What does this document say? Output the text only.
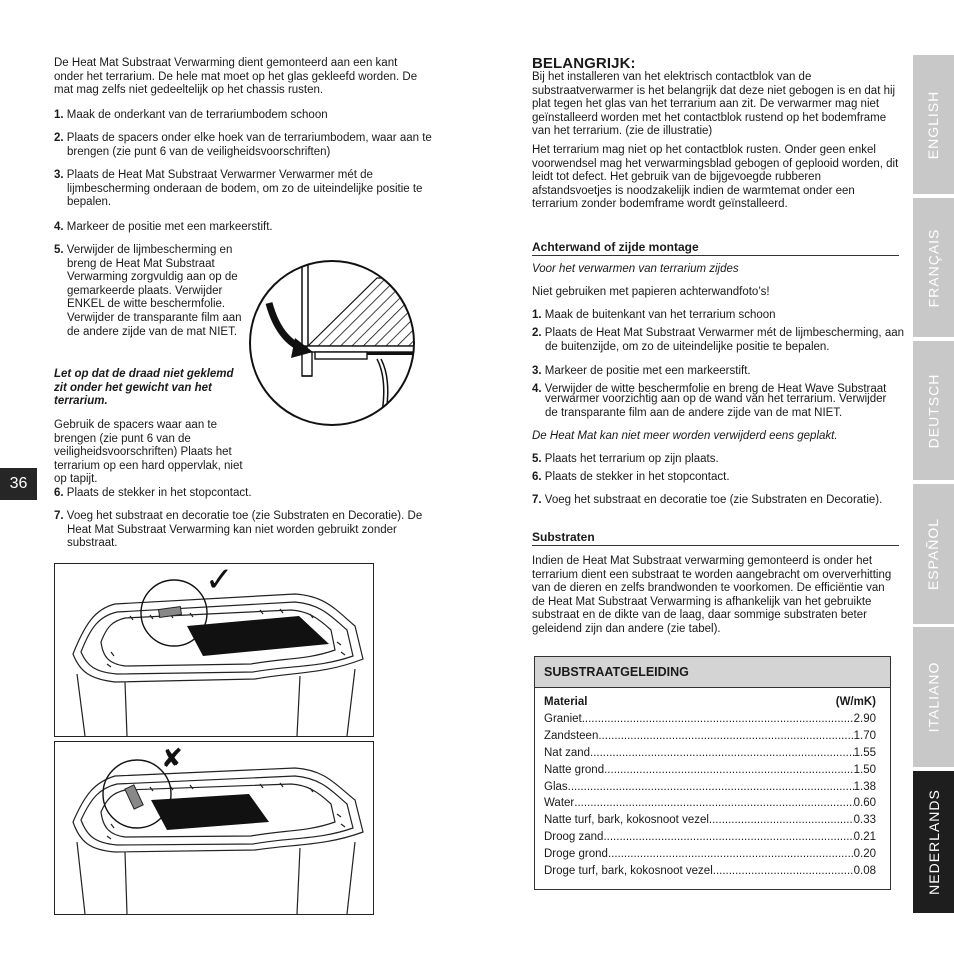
De Heat Mat Substraat Verwarming dient gemonteerd aan een kant onder het terrarium. De hele mat moet op het glas gekleefd worden. De mat mag zelfs niet gedeeltelijk op het chassis rusten.
1. Maak de onderkant van de terrariumbodem schoon
2. Plaats de spacers onder elke hoek van de terrariumbodem, waar aan te brengen (zie punt 6 van de veiligheidsvoorschriften)
3. Plaats de Heat Mat Substraat Verwarmer Verwarmer mét de lijmbescherming onderaan de bodem, om zo de uiteindelijke positie te bepalen.
4. Markeer de positie met een markeerstift.
5. Verwijder de lijmbescherming en breng de Heat Mat Substraat Verwarming zorgvuldig aan op de gemarkeerde plaats. Verwijder ENKEL de witte beschermfolie. Verwijder de transparante film aan de andere zijde van de mat NIET.
Let op dat de draad niet geklemd zit onder het gewicht van het terrarium.
Gebruik de spacers waar aan te brengen (zie punt 6 van de veiligheidsvoorschriften) Plaats het terrarium op een hard oppervlak, niet op tapijt.
6. Plaats de stekker in het stopcontact.
7. Voeg het substraat en decoratie toe (zie Substraten en Decoratie). De Heat Mat Substraat Verwarming kan niet worden gebruikt zonder substraat.
✓
✘
36
BELANGRIJK:
Bij het installeren van het elektrisch contactblok van de substraatverwarmer is het belangrijk dat deze niet gebogen is en dat hij plat tegen het glas van het terrarium aan zit. De verwarmer mag niet geïnstalleerd worden met het contactblok rustend op het bodemframe van het terrarium. (zie de illustratie)
Het terrarium mag niet op het contactblok rusten. Onder geen enkel voorwendsel mag het verwarmingsblad gebogen of geplooid worden, dit leidt tot defect. Het gebruik van de bijgevoegde rubberen afstandsvoetjes is noodzakelijk indien de warmtemat onder een terrarium zonder bodemframe wordt geïnstalleerd.
Achterwand of zijde montage
Voor het verwarmen van terrarium zijdes
Niet gebruiken met papieren achterwandfoto’s!
1. Maak de buitenkant van het terrarium schoon
2. Plaats de Heat Mat Substraat Verwarmer mét de lijmbescherming, aan de buitenzijde, om zo de uiteindelijke positie te bepalen.
3. Markeer de positie met een markeerstift.
4. Verwijder de witte beschermfolie en breng de Heat Wave Substraat
verwarmer voorzichtig aan op de wand van het terrarium. Verwijder de transparante film aan de andere zijde van de mat NIET.
De Heat Mat kan niet meer worden verwijderd eens geplakt.
5. Plaats het terrarium op zijn plaats.
6. Plaats de stekker in het stopcontact.
7. Voeg het substraat en decoratie toe (zie Substraten en Decoratie).
Substraten
Indien de Heat Mat Substraat verwarming gemonteerd is onder het terrarium dient een substraat te worden aangebracht om oververhitting van de dieren en zelfs brandwonden te voorkomen. De efficiëntie van de Heat Mat Substraat Verwarming is afhankelijk van het gebruikte substraat en de dikte van de laag, daar sommige substraten beter geleidend zijn dan andere (zie tabel).
SUBSTRAATGELEIDING
Material	(W/mK)
Graniet .....	2.90
Zandsteen .....	1.70
Nat zand .....	1.55
Natte grond .....	1.50
Glas .....	1.38
Water .....	0.60
Natte turf, bark, kokosnoot vezel .....	0.33
Droog zand .....	0.21
Droge grond .....	0.20
Droge turf, bark, kokosnoot vezel .....	0.08
ENGLISH
FRANÇAIS
DEUTSCH
ESPAÑOL
ITALIANO
NEDERLANDS
